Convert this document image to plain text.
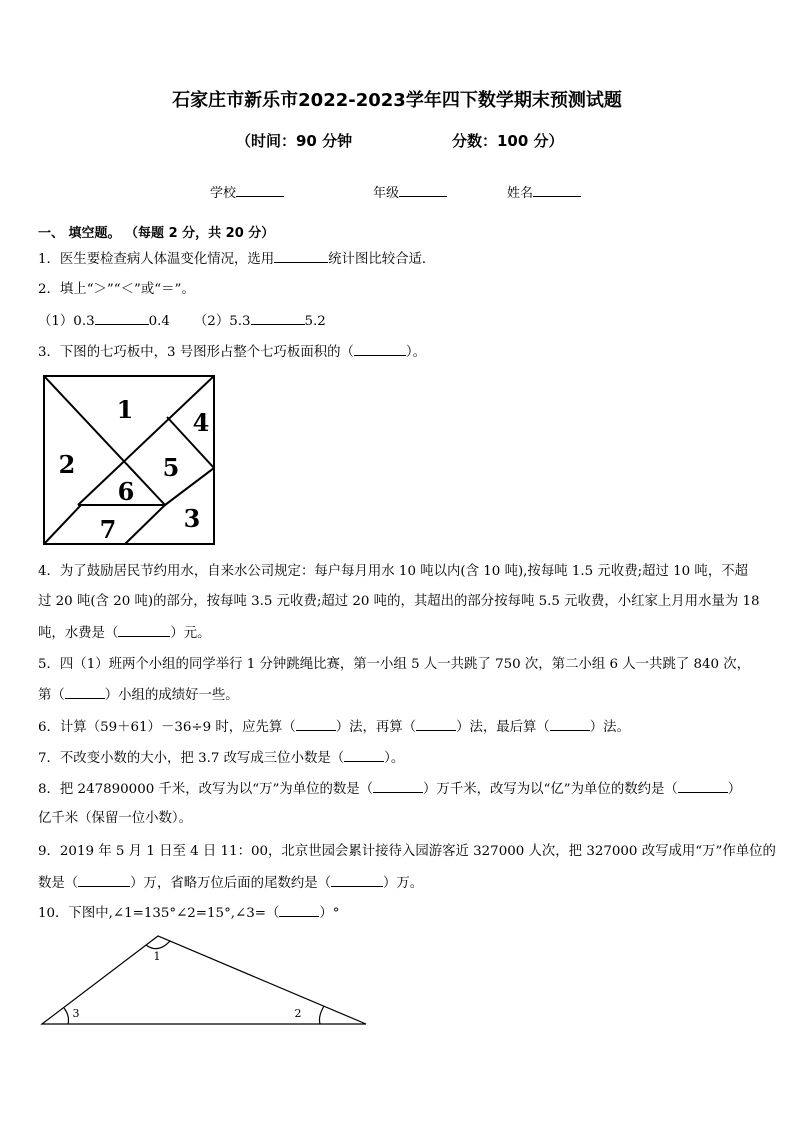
石家庄市新乐市2022-2023学年四下数学期末预测试题
（时间：90 分钟	分数：100 分）
学校	年级	姓名
一、 填空题。 （每题 2 分，共 20 分）
1．医生要检查病人体温变化情况，选用	统计图比较合适．
2．填上“＞”“＜”或“＝”。
（1）0.3	0.4 （2）5.3	5.2
3．下图的七巧板中，3 号图形占整个七巧板面积的（	）。
1
2
3
4
5
6
7
4．为了鼓励居民节约用水，自来水公司规定：每户每月用水 10 吨以内(含 10 吨),按每吨 1.5 元收费;超过 10 吨，不超
过 20 吨(含 20 吨)的部分，按每吨 3.5 元收费;超过 20 吨的，其超出的部分按每吨 5.5 元收费，小红家上月用水量为 18
吨，水费是（	）元。
5．四（1）班两个小组的同学举行 1 分钟跳绳比赛，第一小组 5 人一共跳了 750 次，第二小组 6 人一共跳了 840 次，
第（	）小组的成绩好一些。
6．计算（59＋61）－36÷9 时，应先算（	）法，再算（	）法，最后算（	）法。
7．不改变小数的大小，把 3.7 改写成三位小数是（	）。
8．把 247890000 千米，改写为以“万”为单位的数是（	）万千米，改写为以“亿”为单位的数约是（	）
亿千米（保留一位小数）。
9．2019 年 5 月 1 日至 4 日 11：00，北京世园会累计接待入园游客近 327000 人次，把 327000 改写成用“万”作单位的
数是（	）万，省略万位后面的尾数约是（	）万。
10．下图中,∠1=135°∠2=15°,∠3=（	）°
1
2
3
